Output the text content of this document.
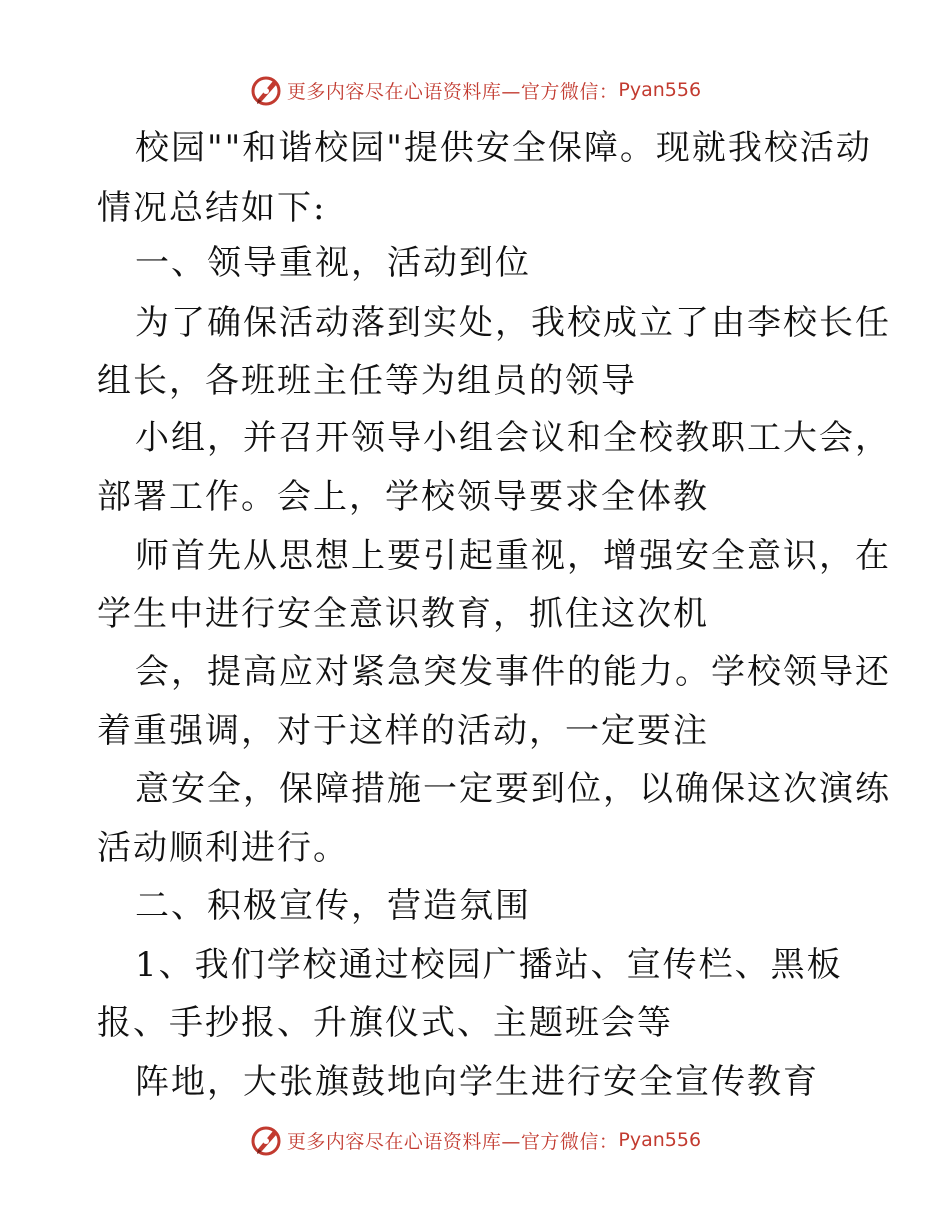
更多内容尽在心语资料库—官方微信： Pyan556
校园""和谐校园"提供安全保障。现就我校活动
情况总结如下:
一、领导重视，活动到位
为了确保活动落到实处，我校成立了由李校长任
组长，各班班主任等为组员的领导
小组，并召开领导小组会议和全校教职工大会，
部署工作。会上，学校领导要求全体教
师首先从思想上要引起重视，增强安全意识，在
学生中进行安全意识教育，抓住这次机
会，提高应对紧急突发事件的能力。学校领导还
着重强调，对于这样的活动，一定要注
意安全，保障措施一定要到位，以确保这次演练
活动顺利进行。
二、积极宣传，营造氛围
1、我们学校通过校园广播站、宣传栏、黑板
报、手抄报、升旗仪式、主题班会等
阵地，大张旗鼓地向学生进行安全宣传教育
更多内容尽在心语资料库—官方微信： Pyan556
